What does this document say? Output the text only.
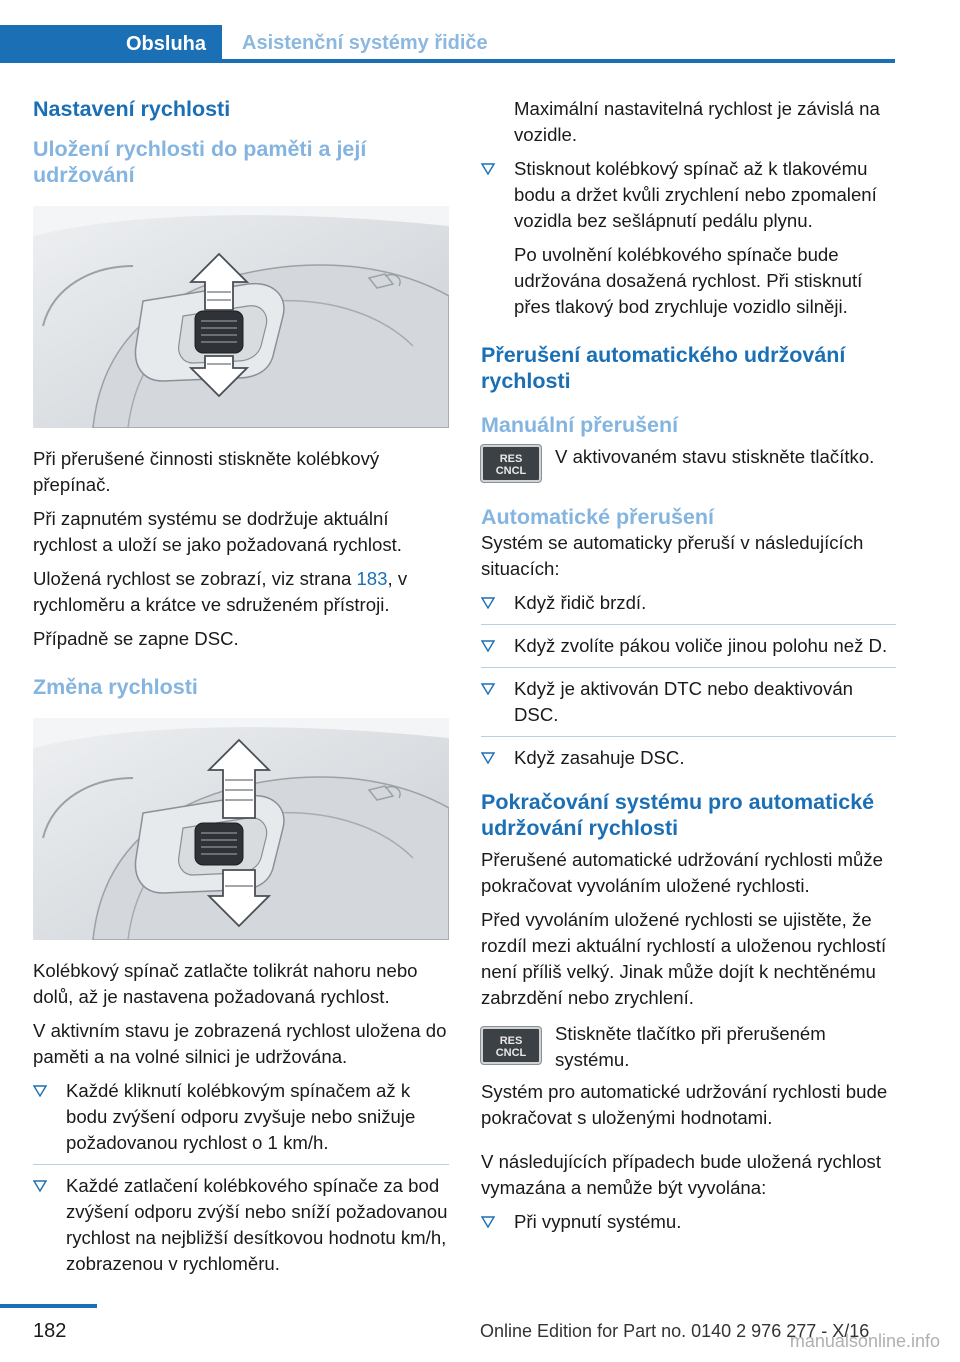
Obsluha	Asistenční systémy řidiče
Nastavení rychlosti
Uložení rychlosti do paměti a její udržování

Při přerušené činnosti stiskněte kolébkový přepínač.

Při zapnutém systému se dodržuje aktuální rychlost a uloží se jako požadovaná rychlost.

Uložená rychlost se zobrazí, viz strana 183, v rychloměru a krátce ve sdruženém přístroji.

Případně se zapne DSC.

Změna rychlosti

Kolébkový spínač zatlačte tolikrát nahoru nebo dolů, až je nastavena požadovaná rychlost.

V aktivním stavu je zobrazená rychlost uložena do paměti a na volné silnici je udržována.

Každé kliknutí kolébkovým spínačem až k bodu zvýšení odporu zvyšuje nebo snižuje požadovanou rychlost o 1 km/h.
Každé zatlačení kolébkového spínače za bod zvýšení odporu zvýší nebo sníží požadovanou rychlost na nejbližší desítkovou hodnotu km/h, zobrazenou v rychloměru.

Maximální nastavitelná rychlost je závislá na vozidle.

Stisknout kolébkový spínač až k tlakovému bodu a držet kvůli zrychlení nebo zpomalení vozidla bez sešlápnutí pedálu plynu.

Po uvolnění kolébkového spínače bude udržována dosažená rychlost. Při stisknutí přes tlakový bod zrychluje vozidlo silněji.

Přerušení automatického udržování rychlosti
Manuální přerušení
RES
CNCL
V aktivovaném stavu stiskněte tlačítko.
Automatické přerušení

Systém se automaticky přeruší v následujících situacích:

Když řidič brzdí.
Když zvolíte pákou voliče jinou polohu než D.
Když je aktivován DTC nebo deaktivován DSC.
Když zasahuje DSC.
Pokračování systému pro automatické udržování rychlosti

Přerušené automatické udržování rychlosti může pokračovat vyvoláním uložené rychlosti.

Před vyvoláním uložené rychlosti se ujistěte, že rozdíl mezi aktuální rychlostí a uloženou rychlostí není příliš velký. Jinak může dojít k nechtěnému zabrzdění nebo zrychlení.

RES
CNCL
Stiskněte tlačítko při přerušeném systému.

Systém pro automatické udržování rychlosti bude pokračovat s uloženými hodnotami.

V následujících případech bude uložená rychlost vymazána a nemůže být vyvolána:

Při vypnutí systému.
182	Online Edition for Part no. 0140 2 976 277 - X/16
manualsonline.info
